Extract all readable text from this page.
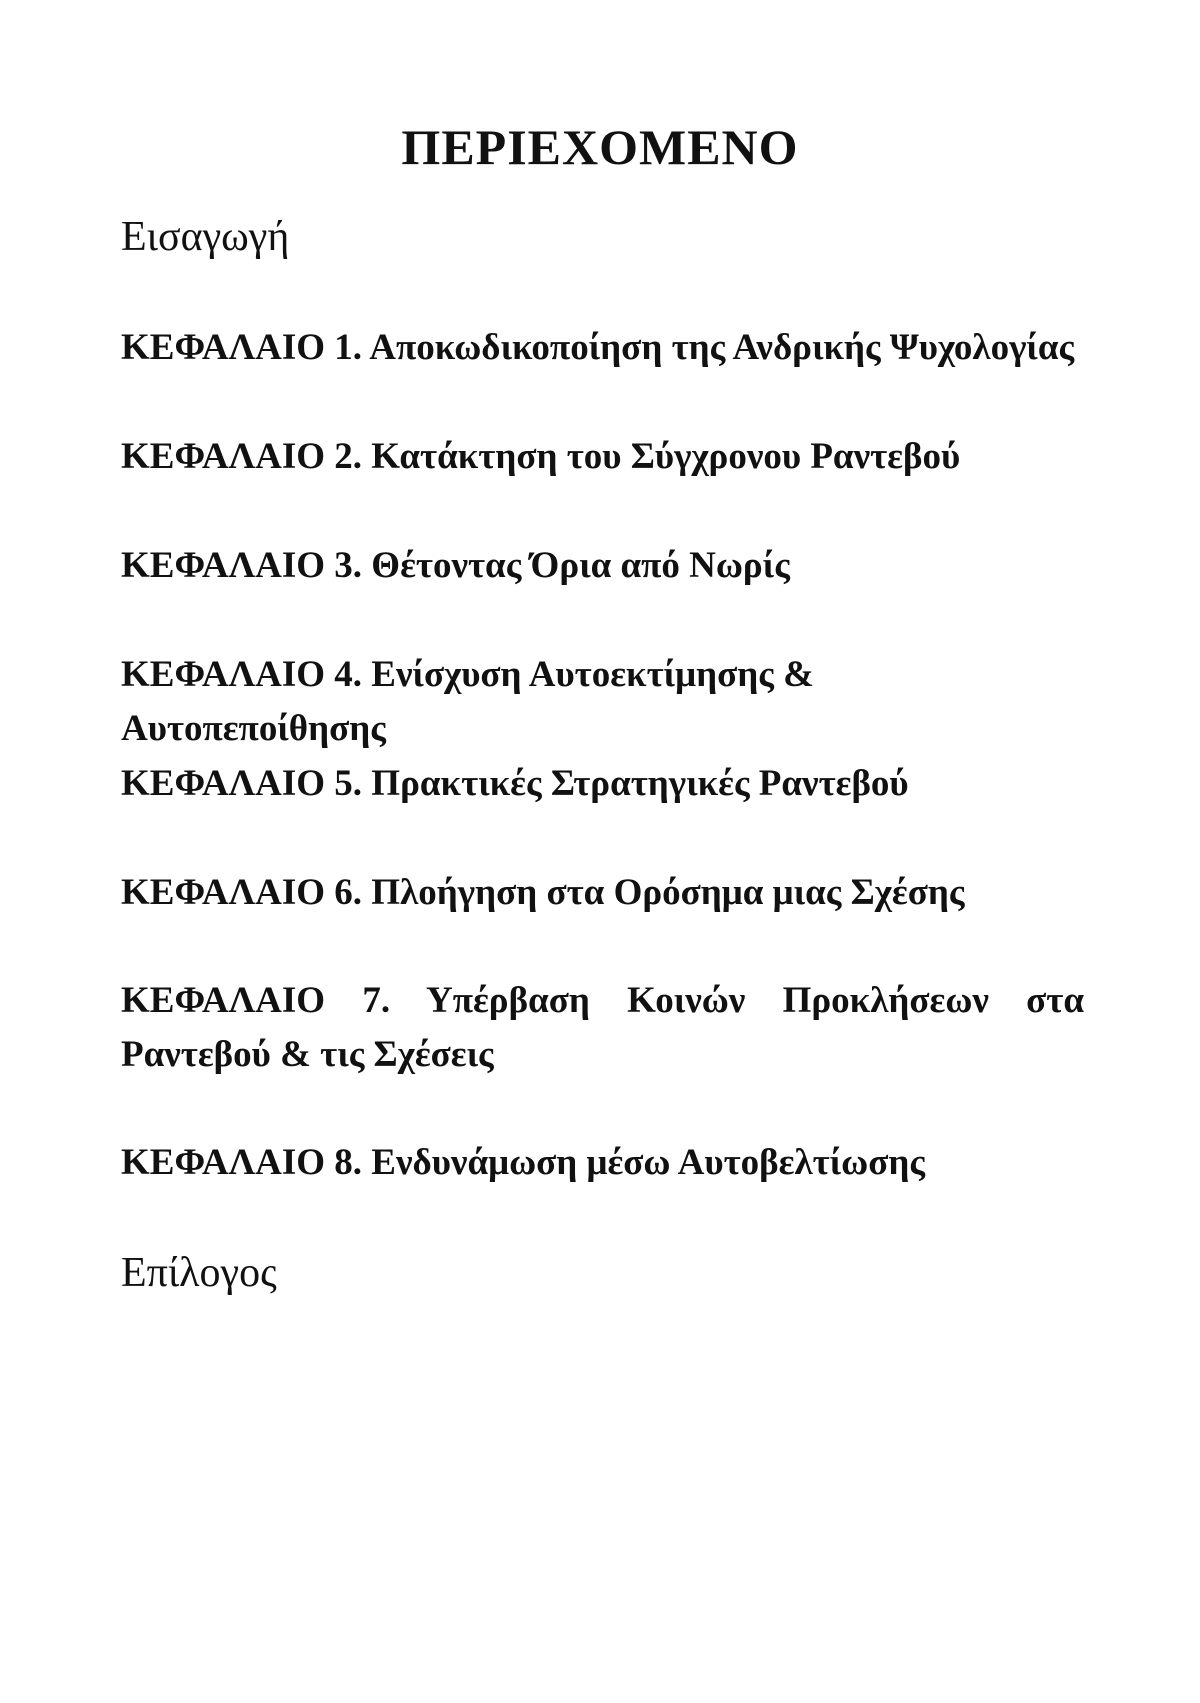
ΠΕΡΙΕΧΟΜΕΝΟ

Εισαγωγή

ΚΕΦΑΛΑΙΟ 1. Αποκωδικοποίηση της Ανδρικής Ψυχολογίας

ΚΕΦΑΛΑΙΟ 2. Κατάκτηση του Σύγχρονου Ραντεβού

ΚΕΦΑΛΑΙΟ 3. Θέτοντας Όρια από Νωρίς

ΚΕΦΑΛΑΙΟ 4. Ενίσχυση Αυτοεκτίμησης & Αυτοπεποίθησης

ΚΕΦΑΛΑΙΟ 5. Πρακτικές Στρατηγικές Ραντεβού

ΚΕΦΑΛΑΙΟ 6. Πλοήγηση στα Ορόσημα μιας Σχέσης

ΚΕΦΑΛΑΙΟ 7. Υπέρβαση Κοινών Προκλήσεων στα Ραντεβού & τις Σχέσεις

ΚΕΦΑΛΑΙΟ 8. Ενδυνάμωση μέσω Αυτοβελτίωσης

Επίλογος
